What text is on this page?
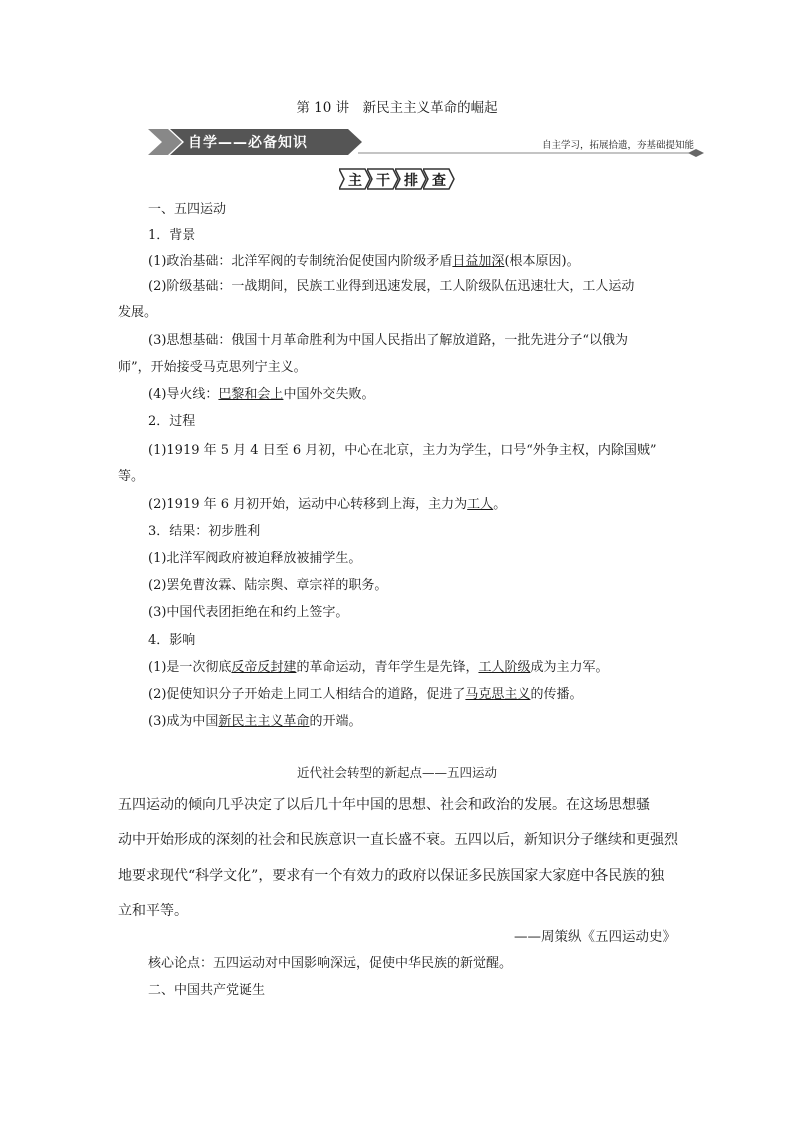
第 10 讲　新民主主义革命的崛起
自学——必备知识	自主学习，拓展拾遗，夯基础提知能
主	干	排	查
一、五四运动
1．背景
(1)政治基础：北洋军阀的专制统治促使国内阶级矛盾日益加深(根本原因)。
(2)阶级基础：一战期间，民族工业得到迅速发展，工人阶级队伍迅速壮大，工人运动
发展。
(3)思想基础：俄国十月革命胜利为中国人民指出了解放道路，一批先进分子“以俄为
师”，开始接受马克思列宁主义。
(4)导火线：巴黎和会上中国外交失败。
2．过程
(1)1919 年 5 月 4 日至 6 月初，中心在北京，主力为学生，口号“外争主权，内除国贼”
等。
(2)1919 年 6 月初开始，运动中心转移到上海，主力为工人。
3．结果：初步胜利
(1)北洋军阀政府被迫释放被捕学生。
(2)罢免曹汝霖、陆宗舆、章宗祥的职务。
(3)中国代表团拒绝在和约上签字。
4．影响
(1)是一次彻底反帝反封建的革命运动，青年学生是先锋，工人阶级成为主力军。
(2)促使知识分子开始走上同工人相结合的道路，促进了马克思主义的传播。
(3)成为中国新民主主义革命的开端。
近代社会转型的新起点——五四运动
五四运动的倾向几乎决定了以后几十年中国的思想、社会和政治的发展。在这场思想骚
动中开始形成的深刻的社会和民族意识一直长盛不衰。五四以后，新知识分子继续和更强烈
地要求现代“科学文化”，要求有一个有效力的政府以保证多民族国家大家庭中各民族的独
立和平等。
——周策纵《五四运动史》
核心论点：五四运动对中国影响深远，促使中华民族的新觉醒。
二、中国共产党诞生
